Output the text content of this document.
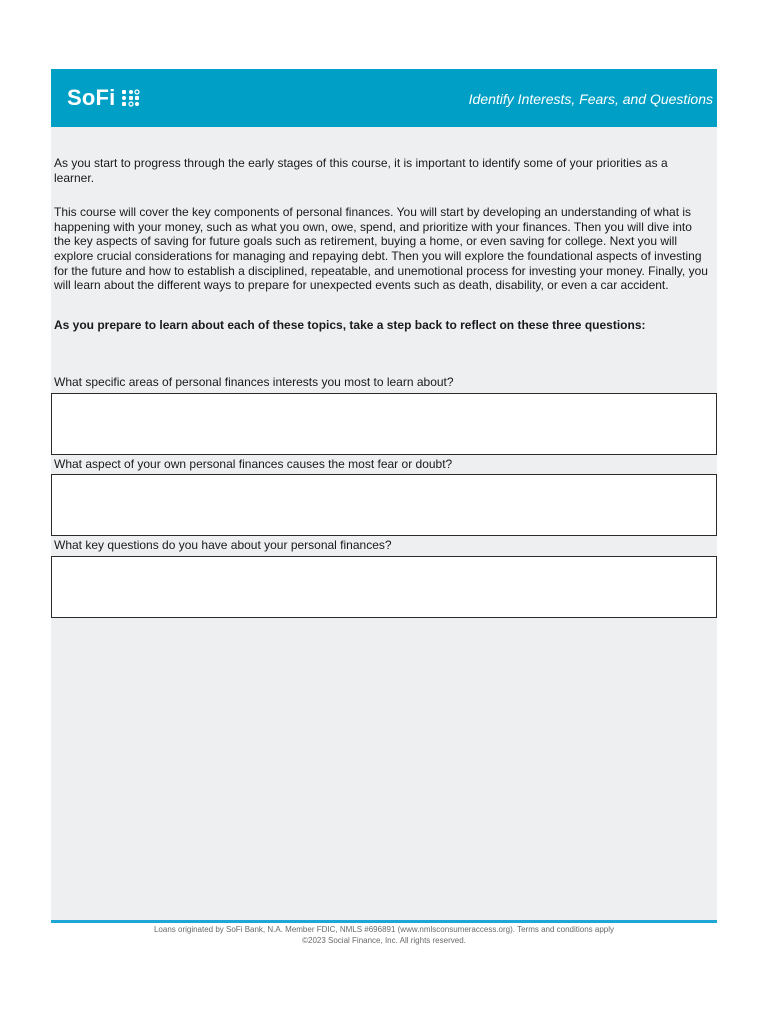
SoFi	Identify Interests, Fears, and Questions

As you start to progress through the early stages of this course, it is important to identify some of your priorities as a learner.

This course will cover the key components of personal finances. You will start by developing an understanding of what is happening with your money, such as what you own, owe, spend, and prioritize with your finances. Then you will dive into the key aspects of saving for future goals such as retirement, buying a home, or even saving for college. Next you will explore crucial considerations for managing and repaying debt. Then you will explore the foundational aspects of investing for the future and how to establish a disciplined, repeatable, and unemotional process for investing your money. Finally, you will learn about the different ways to prepare for unexpected events such as death, disability, or even a car accident.

As you prepare to learn about each of these topics, take a step back to reflect on these three questions:

What specific areas of personal finances interests you most to learn about?

What aspect of your own personal finances causes the most fear or doubt?

What key questions do you have about your personal finances?

Loans originated by SoFi Bank, N.A. Member FDIC, NMLS #696891 (www.nmlsconsumeraccess.org). Terms and conditions apply
©2023 Social Finance, Inc. All rights reserved.
